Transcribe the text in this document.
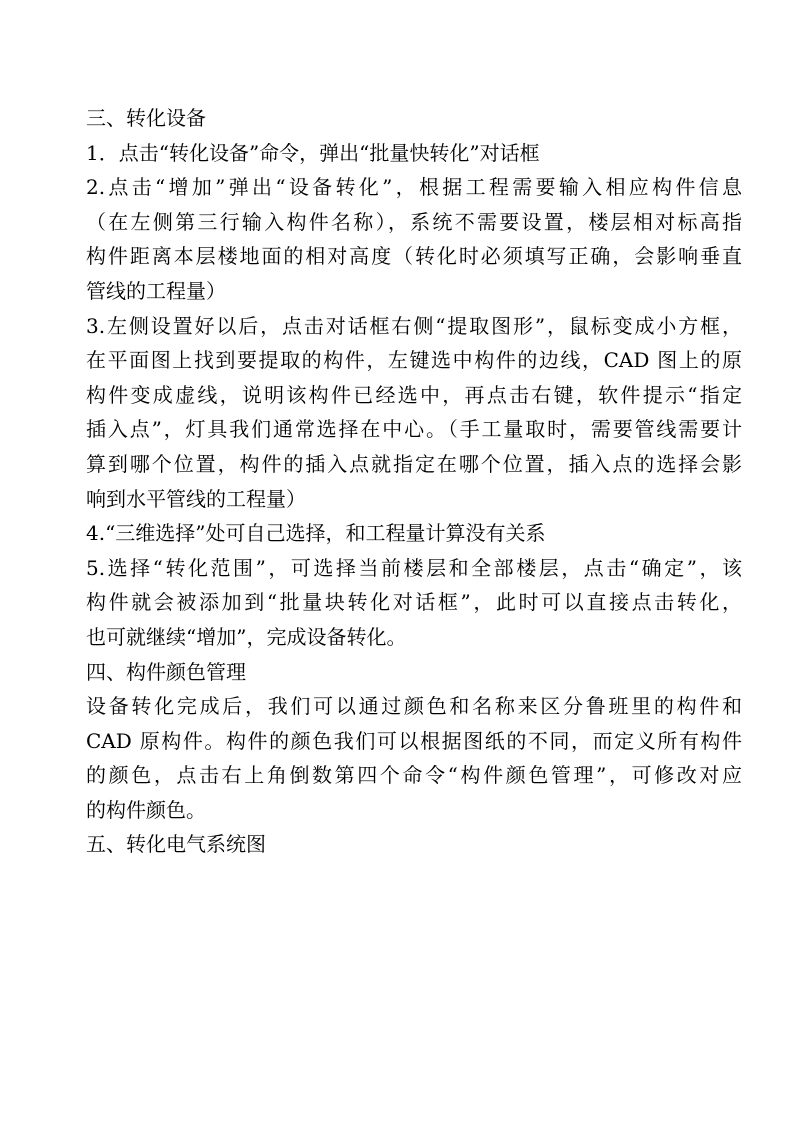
三、转化设备
1．点击“转化设备”命令，弹出“批量快转化”对话框
2.点击“增加”弹出“设备转化”，根据工程需要输入相应构件信息
（在左侧第三行输入构件名称），系统不需要设置，楼层相对标高指
构件距离本层楼地面的相对高度（转化时必须填写正确，会影响垂直
管线的工程量）
3.左侧设置好以后，点击对话框右侧“提取图形”，鼠标变成小方框，
在平面图上找到要提取的构件，左键选中构件的边线，CAD 图上的原
构件变成虚线，说明该构件已经选中，再点击右键，软件提示“指定
插入点”，灯具我们通常选择在中心。（手工量取时，需要管线需要计
算到哪个位置，构件的插入点就指定在哪个位置，插入点的选择会影
响到水平管线的工程量）
4.“三维选择”处可自己选择，和工程量计算没有关系
5.选择“转化范围”，可选择当前楼层和全部楼层，点击“确定”，该
构件就会被添加到“批量块转化对话框”，此时可以直接点击转化，
也可就继续“增加”，完成设备转化。
四、构件颜色管理
设备转化完成后，我们可以通过颜色和名称来区分鲁班里的构件和
CAD 原构件。构件的颜色我们可以根据图纸的不同，而定义所有构件
的颜色，点击右上角倒数第四个命令“构件颜色管理”，可修改对应
的构件颜色。
五、转化电气系统图
